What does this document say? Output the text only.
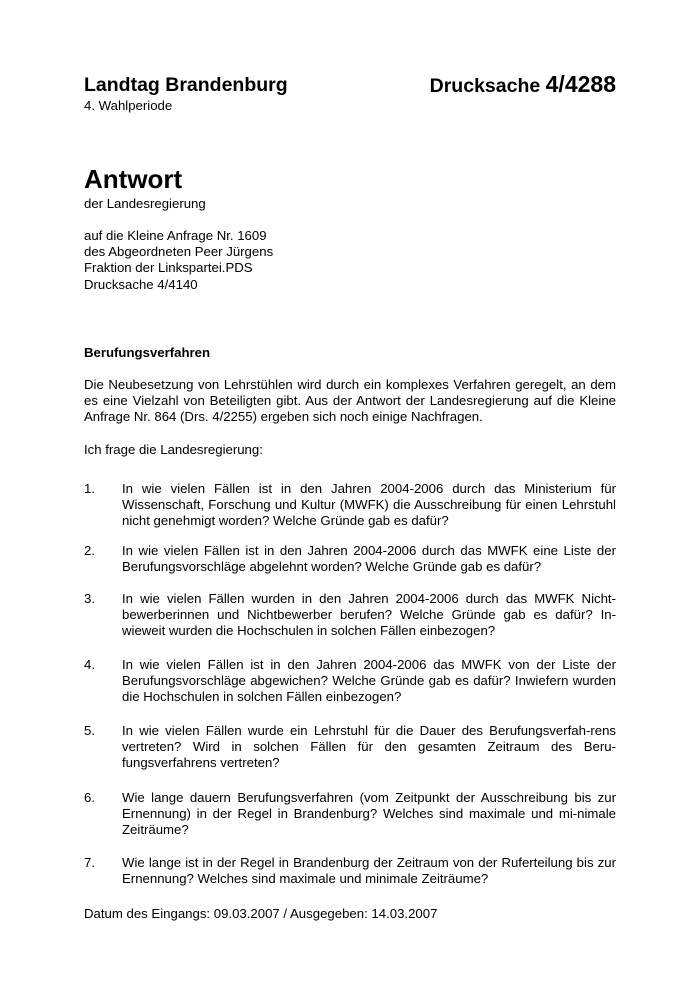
Landtag Brandenburg	Drucksache 4/4288
4. Wahlperiode
Antwort
der Landesregierung
auf die Kleine Anfrage Nr. 1609
des Abgeordneten Peer Jürgens
Fraktion der Linkspartei.PDS
Drucksache 4/4140
Berufungsverfahren
Die Neubesetzung von Lehrstühlen wird durch ein komplexes Verfahren geregelt, an dem es eine Vielzahl von Beteiligten gibt. Aus der Antwort der Landesregierung auf die Kleine Anfrage Nr. 864 (Drs. 4/2255) ergeben sich noch einige Nachfragen.
Ich frage die Landesregierung:
1. In wie vielen Fällen ist in den Jahren 2004-2006 durch das Ministerium für Wissenschaft, Forschung und Kultur (MWFK) die Ausschreibung für einen Lehrstuhl nicht genehmigt worden? Welche Gründe gab es dafür?
2. In wie vielen Fällen ist in den Jahren 2004-2006 durch das MWFK eine Liste der Berufungsvorschläge abgelehnt worden? Welche Gründe gab es dafür?
3. In wie vielen Fällen wurden in den Jahren 2004-2006 durch das MWFK Nicht-bewerberinnen und Nichtbewerber berufen? Welche Gründe gab es dafür? In-wieweit wurden die Hochschulen in solchen Fällen einbezogen?
4. In wie vielen Fällen ist in den Jahren 2004-2006 das MWFK von der Liste der Berufungsvorschläge abgewichen? Welche Gründe gab es dafür? Inwiefern wurden die Hochschulen in solchen Fällen einbezogen?
5. In wie vielen Fällen wurde ein Lehrstuhl für die Dauer des Berufungsverfah-rens vertreten? Wird in solchen Fällen für den gesamten Zeitraum des Beru-fungsverfahrens vertreten?
6. Wie lange dauern Berufungsverfahren (vom Zeitpunkt der Ausschreibung bis zur Ernennung) in der Regel in Brandenburg? Welches sind maximale und mi-nimale Zeiträume?
7. Wie lange ist in der Regel in Brandenburg der Zeitraum von der Ruferteilung bis zur Ernennung? Welches sind maximale und minimale Zeiträume?
Datum des Eingangs: 09.03.2007 / Ausgegeben: 14.03.2007
